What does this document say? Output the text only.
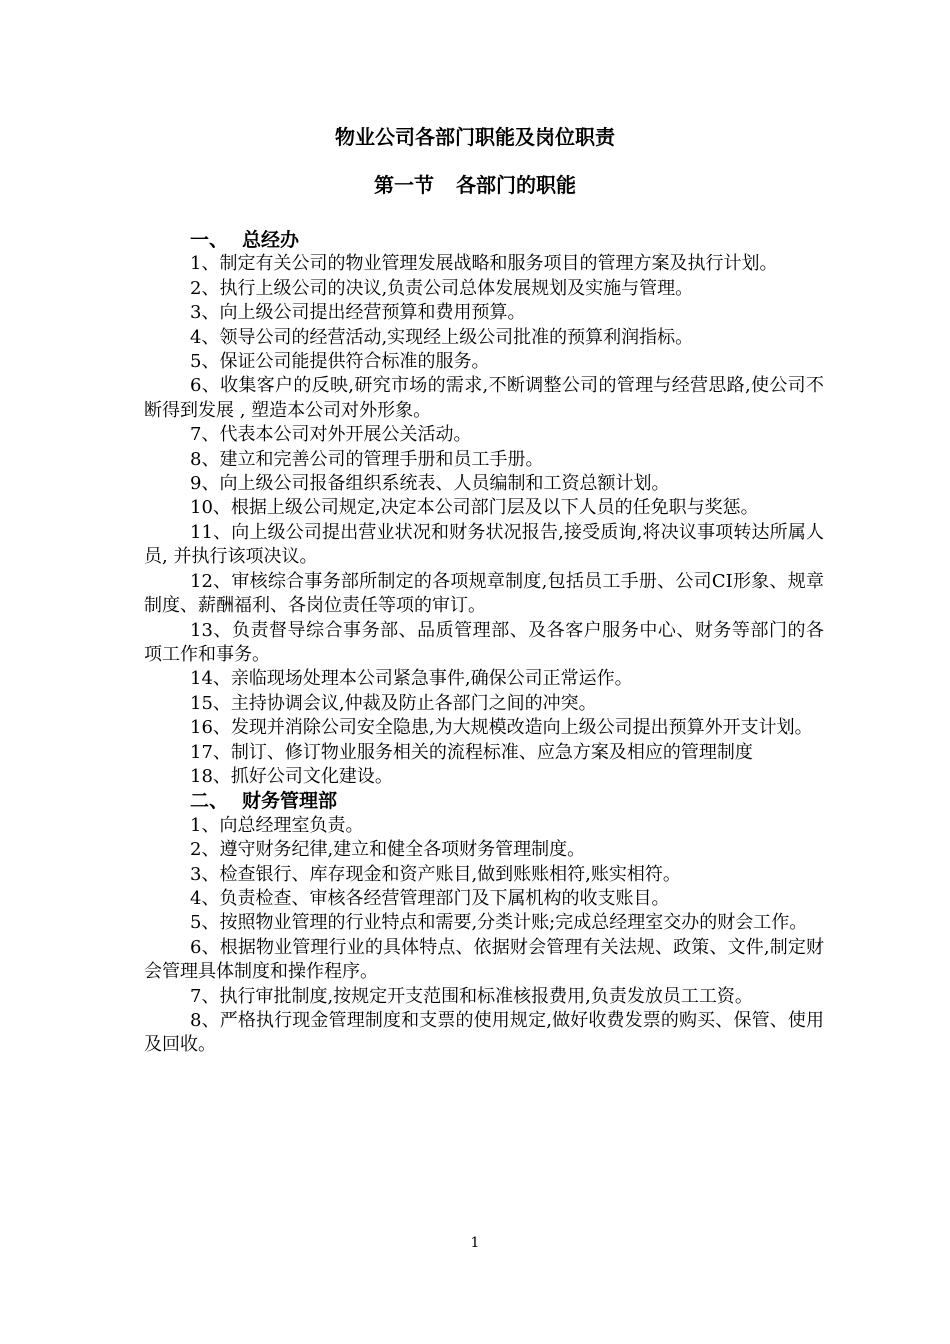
物业公司各部门职能及岗位职责
第一节 各部门的职能
一、 总经办
1、制定有关公司的物业管理发展战略和服务项目的管理方案及执行计划。
2、执行上级公司的决议,负责公司总体发展规划及实施与管理。
3、向上级公司提出经营预算和费用预算。
4、领导公司的经营活动,实现经上级公司批准的预算利润指标。
5、保证公司能提供符合标准的服务。
6、收集客户的反映,研究市场的需求,不断调整公司的管理与经营思路,使公司不断得到发展 , 塑造本公司对外形象。
7、代表本公司对外开展公关活动。
8、建立和完善公司的管理手册和员工手册。
9、向上级公司报备组织系统表、人员编制和工资总额计划。
10、根据上级公司规定,决定本公司部门层及以下人员的任免职与奖惩。
11、向上级公司提出营业状况和财务状况报告,接受质询,将决议事项转达所属人员, 并执行该项决议。
12、审核综合事务部所制定的各项规章制度,包括员工手册、公司CI形象、规章制度、薪酬福利、各岗位责任等项的审订。
13、负责督导综合事务部、品质管理部、及各客户服务中心、财务等部门的各项工作和事务。
14、亲临现场处理本公司紧急事件,确保公司正常运作。
15、主持协调会议,仲裁及防止各部门之间的冲突。
16、发现并消除公司安全隐患,为大规模改造向上级公司提出预算外开支计划。
17、制订、修订物业服务相关的流程标准、应急方案及相应的管理制度
18、抓好公司文化建设。
二、 财务管理部
1、向总经理室负责。
2、遵守财务纪律,建立和健全各项财务管理制度。
3、检查银行、库存现金和资产账目,做到账账相符,账实相符。
4、负责检查、审核各经营管理部门及下属机构的收支账目。
5、按照物业管理的行业特点和需要,分类计账;完成总经理室交办的财会工作。
6、根据物业管理行业的具体特点、依据财会管理有关法规、政策、文件,制定财会管理具体制度和操作程序。
7、执行审批制度,按规定开支范围和标准核报费用,负责发放员工工资。
8、严格执行现金管理制度和支票的使用规定,做好收费发票的购买、保管、使用及回收。
1
